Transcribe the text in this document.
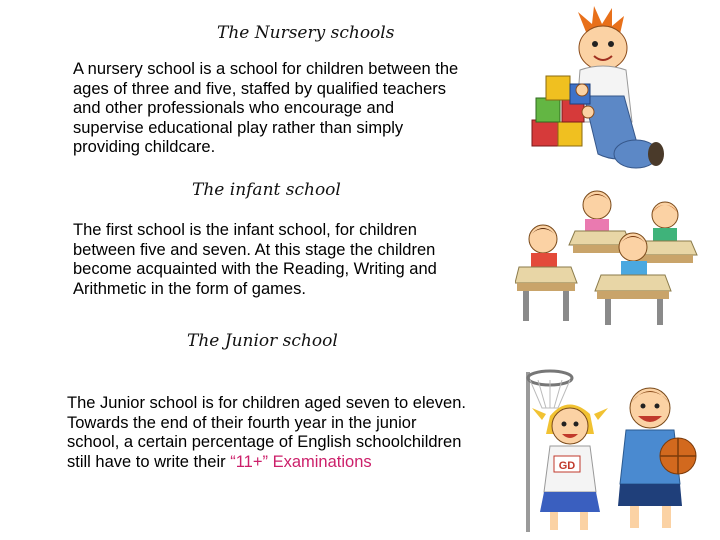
The Nursery schools
A nursery school is a school for children between the
ages of three and five, staffed by qualified teachers
and other professionals who encourage and
supervise educational play rather than simply
providing childcare.
The infant school
The first school is the infant school, for children
between five and seven. At this stage the children
become acquainted with the Reading, Writing and
Arithmetic in the form of games.
The Junior school
The Junior school is for children aged seven to eleven.
Towards the end of their fourth year in the junior
school, a certain percentage of English schoolchildren
still have to write their “11+” Examinations	GD
